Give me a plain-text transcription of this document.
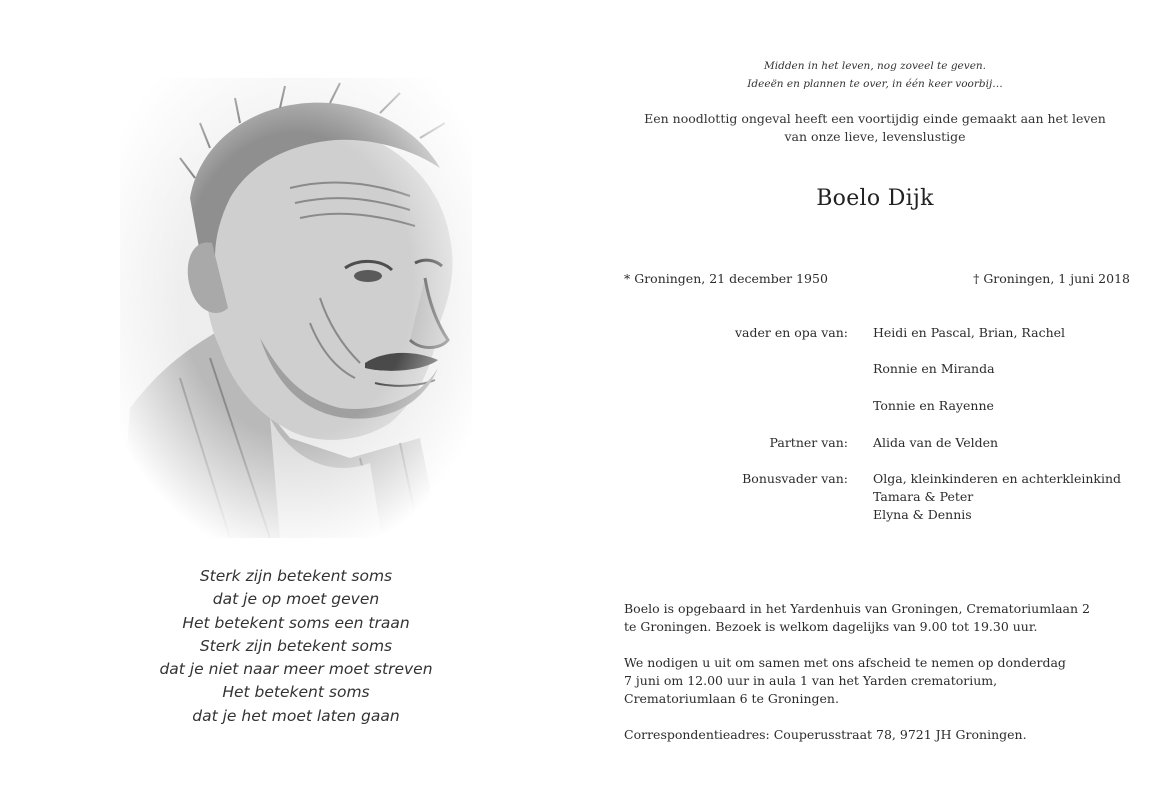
Sterk zijn betekent soms
dat je op moet geven
Het betekent soms een traan
Sterk zijn betekent soms
dat je niet naar meer moet streven
Het betekent soms
dat je het moet laten gaan
Midden in het leven, nog zoveel te geven.
Ideeën en plannen te over, in één keer voorbij…
Een noodlottig ongeval heeft een voortijdig einde gemaakt aan het leven
van onze lieve, levenslustige
Boelo Dijk
* Groningen, 21 december 1950	† Groningen, 1 juni 2018
vader en opa van: Heidi en Pascal, Brian, Rachel
Ronnie en Miranda
Tonnie en Rayenne
Partner van: Alida van de Velden
Bonusvader van: Olga, kleinkinderen en achterkleinkind
Tamara & Peter
Elyna & Dennis

Boelo is opgebaard in het Yardenhuis van Groningen, Crematoriumlaan 2
te Groningen. Bezoek is welkom dagelijks van 9.00 tot 19.30 uur.

We nodigen u uit om samen met ons afscheid te nemen op donderdag
7 juni om 12.00 uur in aula 1 van het Yarden crematorium,
Crematoriumlaan 6 te Groningen.

Correspondentieadres: Couperusstraat 78, 9721 JH Groningen.
